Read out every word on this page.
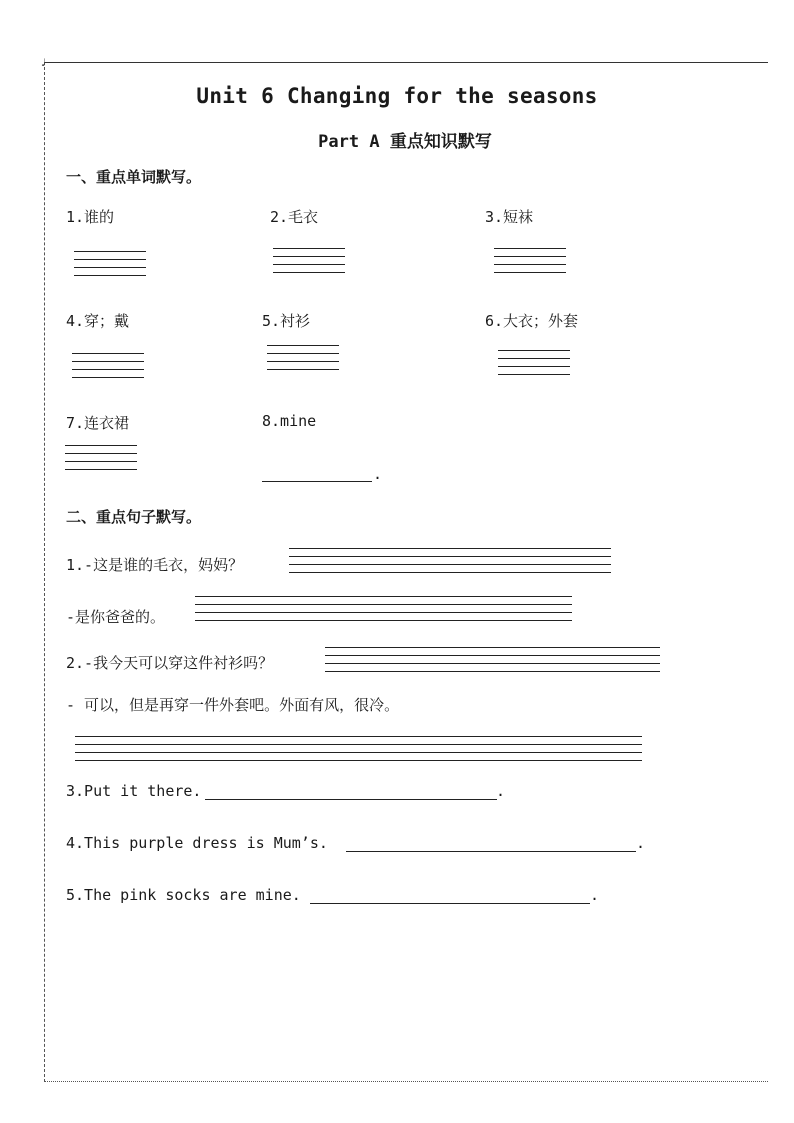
♩
Unit 6 Changing for the seasons
Part A 重点知识默写
一、重点单词默写。
1.谁的	2.毛衣	3.短袜
4.穿；戴	5.衬衫	6.大衣；外套
7.连衣裙	8.mine
.
二、重点句子默写。
1.-这是谁的毛衣，妈妈？
-是你爸爸的。
2.-我今天可以穿这件衬衫吗？
- 可以，但是再穿一件外套吧。外面有风，很冷。
3.Put it there.	.
4.This purple dress is Mum’s.	.
5.The pink socks are mine.	.
